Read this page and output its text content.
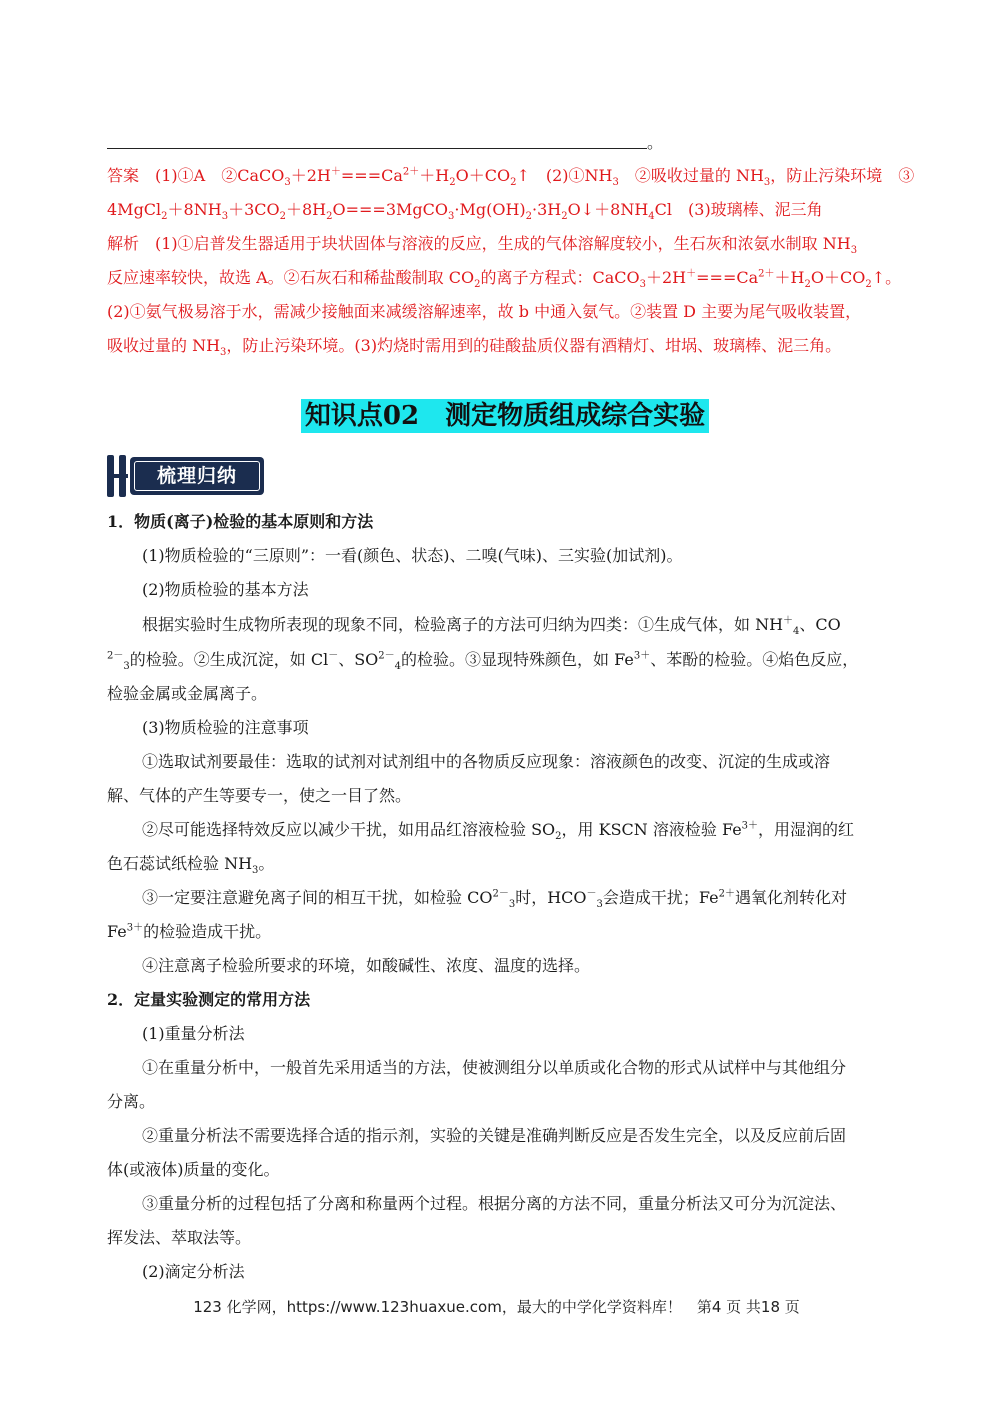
。
答案　(1)①A　$②CaCO_3+2H^+===Ca^{2+}+H_2O+CO_2↑$　$(2)①NH_3$　②吸收过量的 $NH_3$，防止污染环境　③
$4MgCl_2+8NH_3+3CO_2+8H_2O===3MgCO_3\cdot Mg(OH)_2\cdot 3H_2O↓+8NH_4Cl$　(3)玻璃棒、泥三角
解析　(1)①启普发生器适用于块状固体与溶液的反应，生成的气体溶解度较小，生石灰和浓氨水制取 $NH_3$
反应速率较快，故选 A。②石灰石和稀盐酸制取 $CO_2$的离子方程式：$CaCO_3+2H^+===Ca^{2+}+H_2O+CO_2↑$。
(2)①氨气极易溶于水，需减少接触面来减缓溶解速率，故 b 中通入氨气。②装置 D 主要为尾气吸收装置，
吸收过量的 $NH_3$，防止污染环境。(3)灼烧时需用到的硅酸盐质仪器有酒精灯、坩埚、玻璃棒、泥三角。
知识点02　测定物质组成综合实验
梳理归纳
1．物质(离子)检验的基本原则和方法
(1)物质检验的“三原则”：一看(颜色、状态)、二嗅(气味)、三实验(加试剂)。
(2)物质检验的基本方法
根据实验时生成物所表现的现象不同，检验离子的方法可归纳为四类：①生成气体，如 $NH^+_4$、CO
$^{2-}_3$的检验。②生成沉淀，如 Cl－、$SO^{2-}_4$的检验。③显现特殊颜色，如 $Fe^{3+}$、苯酚的检验。④焰色反应，
检验金属或金属离子。
(3)物质检验的注意事项
①选取试剂要最佳：选取的试剂对试剂组中的各物质反应现象：溶液颜色的改变、沉淀的生成或溶
解、气体的产生等要专一，使之一目了然。
②尽可能选择特效反应以减少干扰，如用品红溶液检验 $SO_2$，用 KSCN 溶液检验 $Fe^{3+}$，用湿润的红
色石蕊试纸检验 $NH_3$。
③一定要注意避免离子间的相互干扰，如检验 $CO^{2-}_3$时，$HCO^-_3$会造成干扰；$Fe^{2+}$遇氧化剂转化对
$Fe^{3+}$的检验造成干扰。
④注意离子检验所要求的环境，如酸碱性、浓度、温度的选择。
2．定量实验测定的常用方法
(1)重量分析法
①在重量分析中，一般首先采用适当的方法，使被测组分以单质或化合物的形式从试样中与其他组分
分离。
②重量分析法不需要选择合适的指示剂，实验的关键是准确判断反应是否发生完全，以及反应前后固
体(或液体)质量的变化。
③重量分析的过程包括了分离和称量两个过程。根据分离的方法不同，重量分析法又可分为沉淀法、
挥发法、萃取法等。
(2)滴定分析法
123 化学网，https://www.123huaxue.com，最大的中学化学资料库！　第4 页 共18 页
